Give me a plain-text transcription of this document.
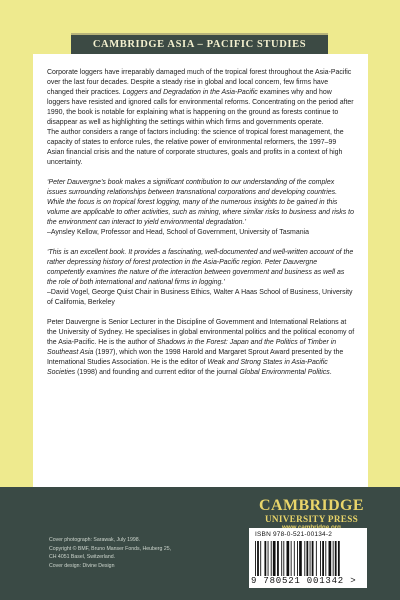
CAMBRIDGE ASIA – PACIFIC STUDIES

Corporate loggers have irreparably damaged much of the tropical forest throughout the Asia-Pacific over the last four decades. Despite a steady rise in global and local concern, few firms have changed their practices. Loggers and Degradation in the Asia-Pacific examines why and how loggers have resisted and ignored calls for environmental reforms. Concentrating on the period after 1990, the book is notable for explaining what is happening on the ground as forests continue to disappear as well as highlighting the settings within which firms and governments operate.

The author considers a range of factors including: the science of tropical forest management, the capacity of states to enforce rules, the relative power of environmental reformers, the 1997–99 Asian financial crisis and the nature of corporate structures, goals and profits in a context of high uncertainty.

‘Peter Dauvergne’s book makes a significant contribution to our understanding of the complex issues surrounding relationships between transnational corporations and developing countries. While the focus is on tropical forest logging, many of the numerous insights to be gained in this volume are applicable to other activities, such as mining, where similar risks to business and risks to the environment can interact to yield environmental degradation.’

–Aynsley Kellow, Professor and Head, School of Government, University of Tasmania

‘This is an excellent book. It provides a fascinating, well-documented and well-written account of the rather depressing history of forest protection in the Asia-Pacific region. Peter Dauvergne competently examines the nature of the interaction between government and business as well as the role of both international and national firms in logging.’

–David Vogel, George Quist Chair in Business Ethics, Walter A Haas School of Business, University of California, Berkeley

Peter Dauvergne is Senior Lecturer in the Discipline of Government and International Relations at the University of Sydney. He specialises in global environmental politics and the political economy of the Asia-Pacific. He is the author of Shadows in the Forest: Japan and the Politics of Timber in Southeast Asia (1997), which won the 1998 Harold and Margaret Sprout Award presented by the International Studies Association. He is the editor of Weak and Strong States in Asia-Pacific Societies (1998) and founding and current editor of the journal Global Environmental Politics.

Cover photograph: Sarawak, July 1998.
Copyright © BMF, Bruno Manser Fonds, Heuberg 25,
CH 4051 Basel, Switzerland.
Cover design: Divine Design
CAMBRIDGE
UNIVERSITY PRESS
ISBN 978-0-521-00134-2
9 780521 001342 >
